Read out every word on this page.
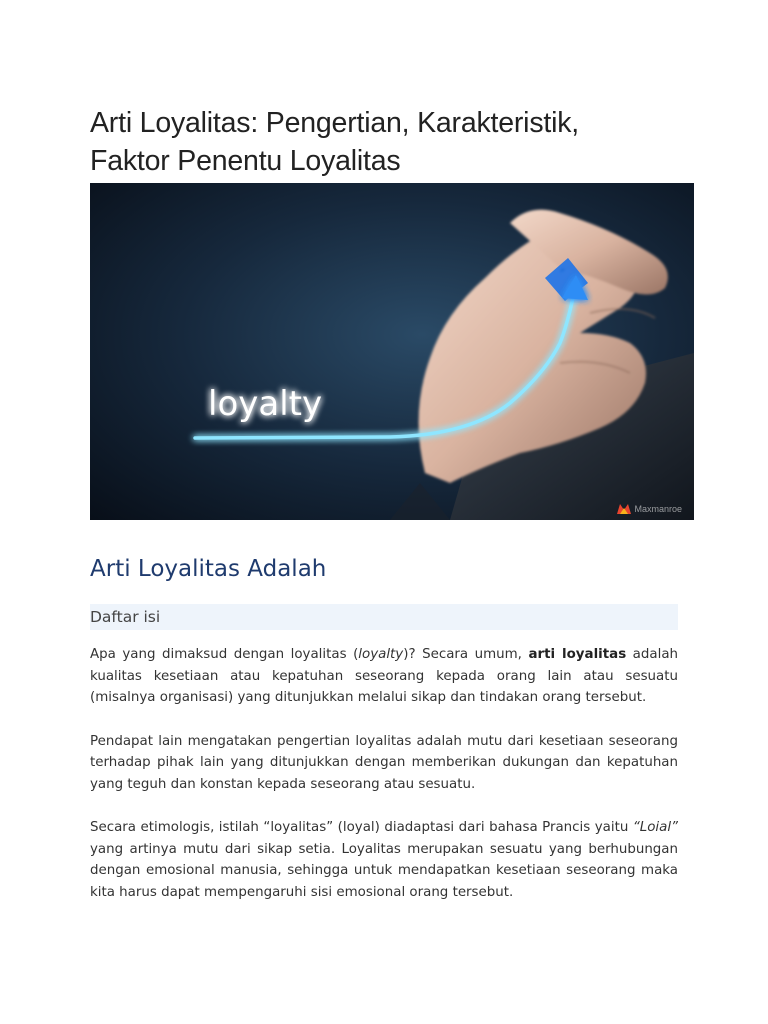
Arti Loyalitas: Pengertian, Karakteristik,
Faktor Penentu Loyalitas
loyalty
Maxmanroe
Arti Loyalitas Adalah
Daftar isi

Apa yang dimaksud dengan loyalitas (loyalty)? Secara umum, arti loyalitas adalah kualitas kesetiaan atau kepatuhan seseorang kepada orang lain atau sesuatu (misalnya organisasi) yang ditunjukkan melalui sikap dan tindakan orang tersebut.

Pendapat lain mengatakan pengertian loyalitas adalah mutu dari kesetiaan seseorang terhadap pihak lain yang ditunjukkan dengan memberikan dukungan dan kepatuhan yang teguh dan konstan kepada seseorang atau sesuatu.

Secara etimologis, istilah “loyalitas” (loyal) diadaptasi dari bahasa Prancis yaitu “Loial” yang artinya mutu dari sikap setia. Loyalitas merupakan sesuatu yang berhubungan dengan emosional manusia, sehingga untuk mendapatkan kesetiaan seseorang maka kita harus dapat mempengaruhi sisi emosional orang tersebut.
